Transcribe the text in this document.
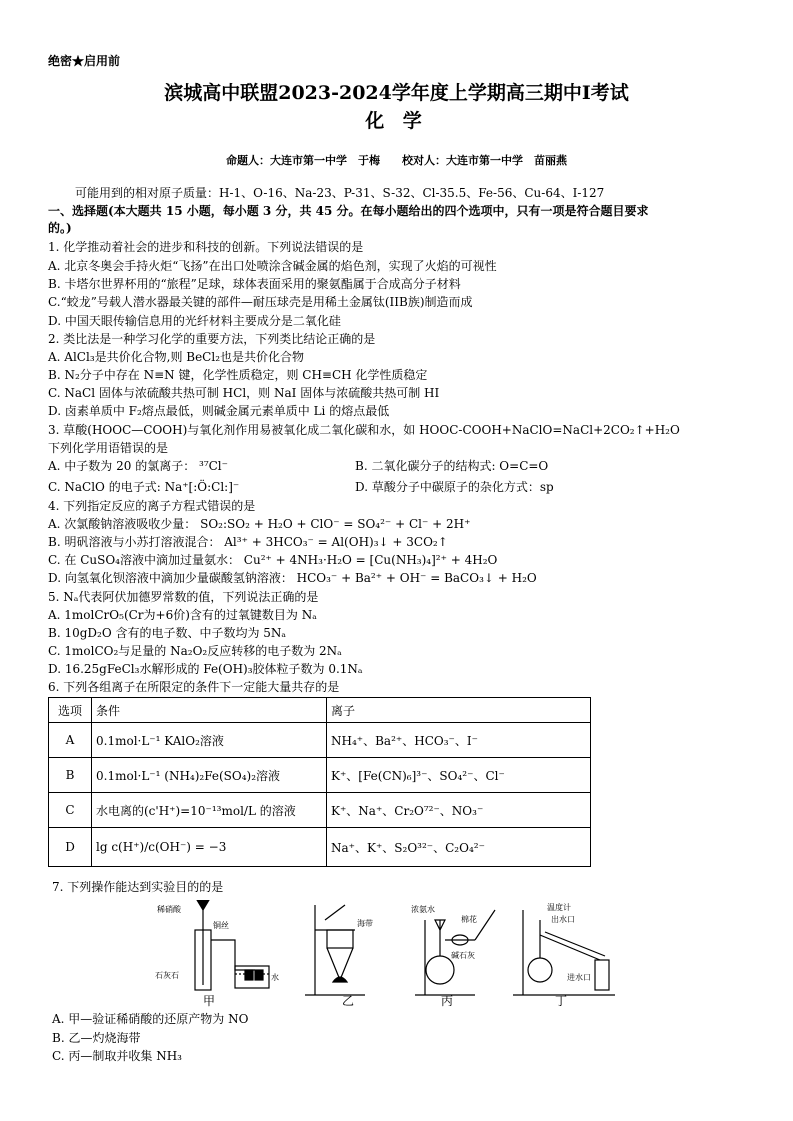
绝密★启用前
滨城高中联盟2023-2024学年度上学期高三期中Ⅰ考试
化 学
命题人：大连市第一中学　于梅　　校对人：大连市第一中学　苗丽燕
可能用到的相对原子质量：H-1、O-16、Na-23、P-31、S-32、Cl-35.5、Fe-56、Cu-64、I-127
一、选择题(本大题共 15 小题，每小题 3 分，共 45 分。在每小题给出的四个选项中，只有一项是符合题目要求
的。)
1. 化学推动着社会的进步和科技的创新。下列说法错误的是
A. 北京冬奥会手持火炬“飞扬”在出口处喷涂含碱金属的焰色剂，实现了火焰的可视性
B. 卡塔尔世界杯用的“旅程”足球，球体表面采用的聚氨酯属于合成高分子材料
C.“蛟龙”号载人潜水器最关键的部件—耐压球壳是用稀土金属钛(IIB族)制造而成
D. 中国天眼传输信息用的光纤材料主要成分是二氧化硅
2. 类比法是一种学习化学的重要方法，下列类比结论正确的是
A. AlCl₃是共价化合物,则 BeCl₂也是共价化合物
B. N₂分子中存在 N≡N 键，化学性质稳定，则 CH≡CH 化学性质稳定
C. NaCl 固体与浓硫酸共热可制 HCl，则 NaI 固体与浓硫酸共热可制 HI
D. 卤素单质中 F₂熔点最低，则碱金属元素单质中 Li 的熔点最低
3. 草酸(HOOC—COOH)与氧化剂作用易被氧化成二氧化碳和水，如 HOOC-COOH+NaClO=NaCl+2CO₂↑+H₂O
下列化学用语错误的是
A. 中子数为 20 的氯离子： ³⁷Cl⁻	B. 二氧化碳分子的结构式: O=C=O
C. NaClO 的电子式: Na⁺[:Ö:Cl:]⁻	D. 草酸分子中碳原子的杂化方式：sp
4. 下列指定反应的离子方程式错误的是
A. 次氯酸钠溶液吸收少量： SO₂:SO₂ + H₂O + ClO⁻ = SO₄²⁻ + Cl⁻ + 2H⁺
B. 明矾溶液与小苏打溶液混合： Al³⁺ + 3HCO₃⁻ = Al(OH)₃↓ + 3CO₂↑
C. 在 CuSO₄溶液中滴加过量氨水： Cu²⁺ + 4NH₃·H₂O = [Cu(NH₃)₄]²⁺ + 4H₂O
D. 向氢氧化钡溶液中滴加少量碳酸氢钠溶液： HCO₃⁻ + Ba²⁺ + OH⁻ = BaCO₃↓ + H₂O
5. Nₐ代表阿伏加德罗常数的值，下列说法正确的是
A. 1molCrO₅(Cr为+6价)含有的过氧键数目为 Nₐ
B. 10gD₂O 含有的电子数、中子数均为 5Nₐ
C. 1molCO₂与足量的 Na₂O₂反应转移的电子数为 2Nₐ
D. 16.25gFeCl₃水解形成的 Fe(OH)₃胶体粒子数为 0.1Nₐ
6. 下列各组离子在所限定的条件下一定能大量共存的是
选项	条件	离子
A	0.1mol·L⁻¹ KAlO₂溶液	NH₄⁺、Ba²⁺、HCO₃⁻、I⁻
B	0.1mol·L⁻¹ (NH₄)₂Fe(SO₄)₂溶液	K⁺、[Fe(CN)₆]³⁻、SO₄²⁻、Cl⁻
C	水电离的(c'H⁺)=10⁻¹³mol/L 的溶液	K⁺、Na⁺、Cr₂O⁷²⁻、NO₃⁻
D	lg c(H⁺)/c(OH⁻) = −3	Na⁺、K⁺、S₂O³²⁻、C₂O₄²⁻
7. 下列操作能达到实验目的的是
稀硝酸
铜丝
石灰石	水
海带
浓氨水
棉花
碱石灰
温度计
出水口
进水口
甲	乙	丙	丁
A. 甲—验证稀硝酸的还原产物为 NO
B. 乙—灼烧海带
C. 丙—制取并收集 NH₃
